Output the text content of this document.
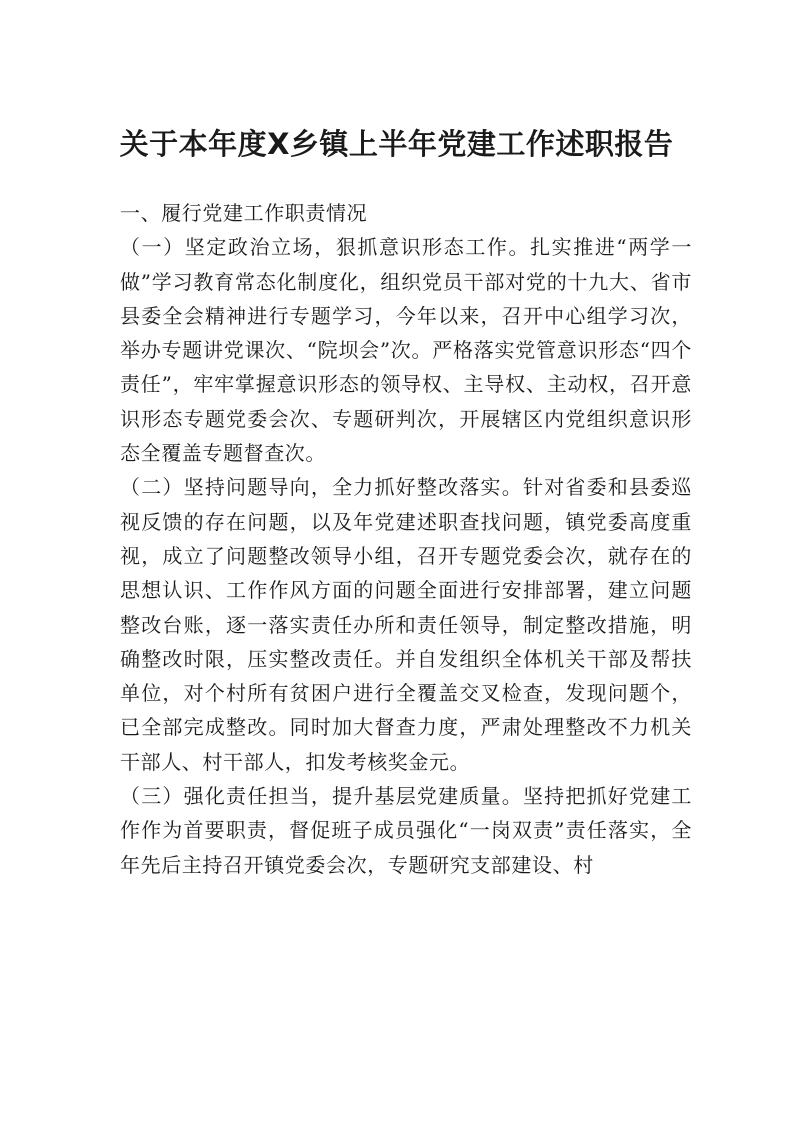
关于本年度X乡镇上半年党建工作述职报告

一、履行党建工作职责情况

（一）坚定政治立场，狠抓意识形态工作。扎实推进“两学一做”学习教育常态化制度化，组织党员干部对党的十九大、省市县委全会精神进行专题学习，今年以来，召开中心组学习次，举办专题讲党课次、“院坝会”次。严格落实党管意识形态“四个责任”，牢牢掌握意识形态的领导权、主导权、主动权，召开意识形态专题党委会次、专题研判次，开展辖区内党组织意识形态全覆盖专题督查次。

（二）坚持问题导向，全力抓好整改落实。针对省委和县委巡视反馈的存在问题，以及年党建述职查找问题，镇党委高度重视，成立了问题整改领导小组，召开专题党委会次，就存在的思想认识、工作作风方面的问题全面进行安排部署，建立问题整改台账，逐一落实责任办所和责任领导，制定整改措施，明确整改时限，压实整改责任。并自发组织全体机关干部及帮扶单位，对个村所有贫困户进行全覆盖交叉检查，发现问题个，已全部完成整改。同时加大督查力度，严肃处理整改不力机关干部人、村干部人，扣发考核奖金元。

（三）强化责任担当，提升基层党建质量。坚持把抓好党建工作作为首要职责，督促班子成员强化“一岗双责”责任落实，全年先后主持召开镇党委会次，专题研究支部建设、村
